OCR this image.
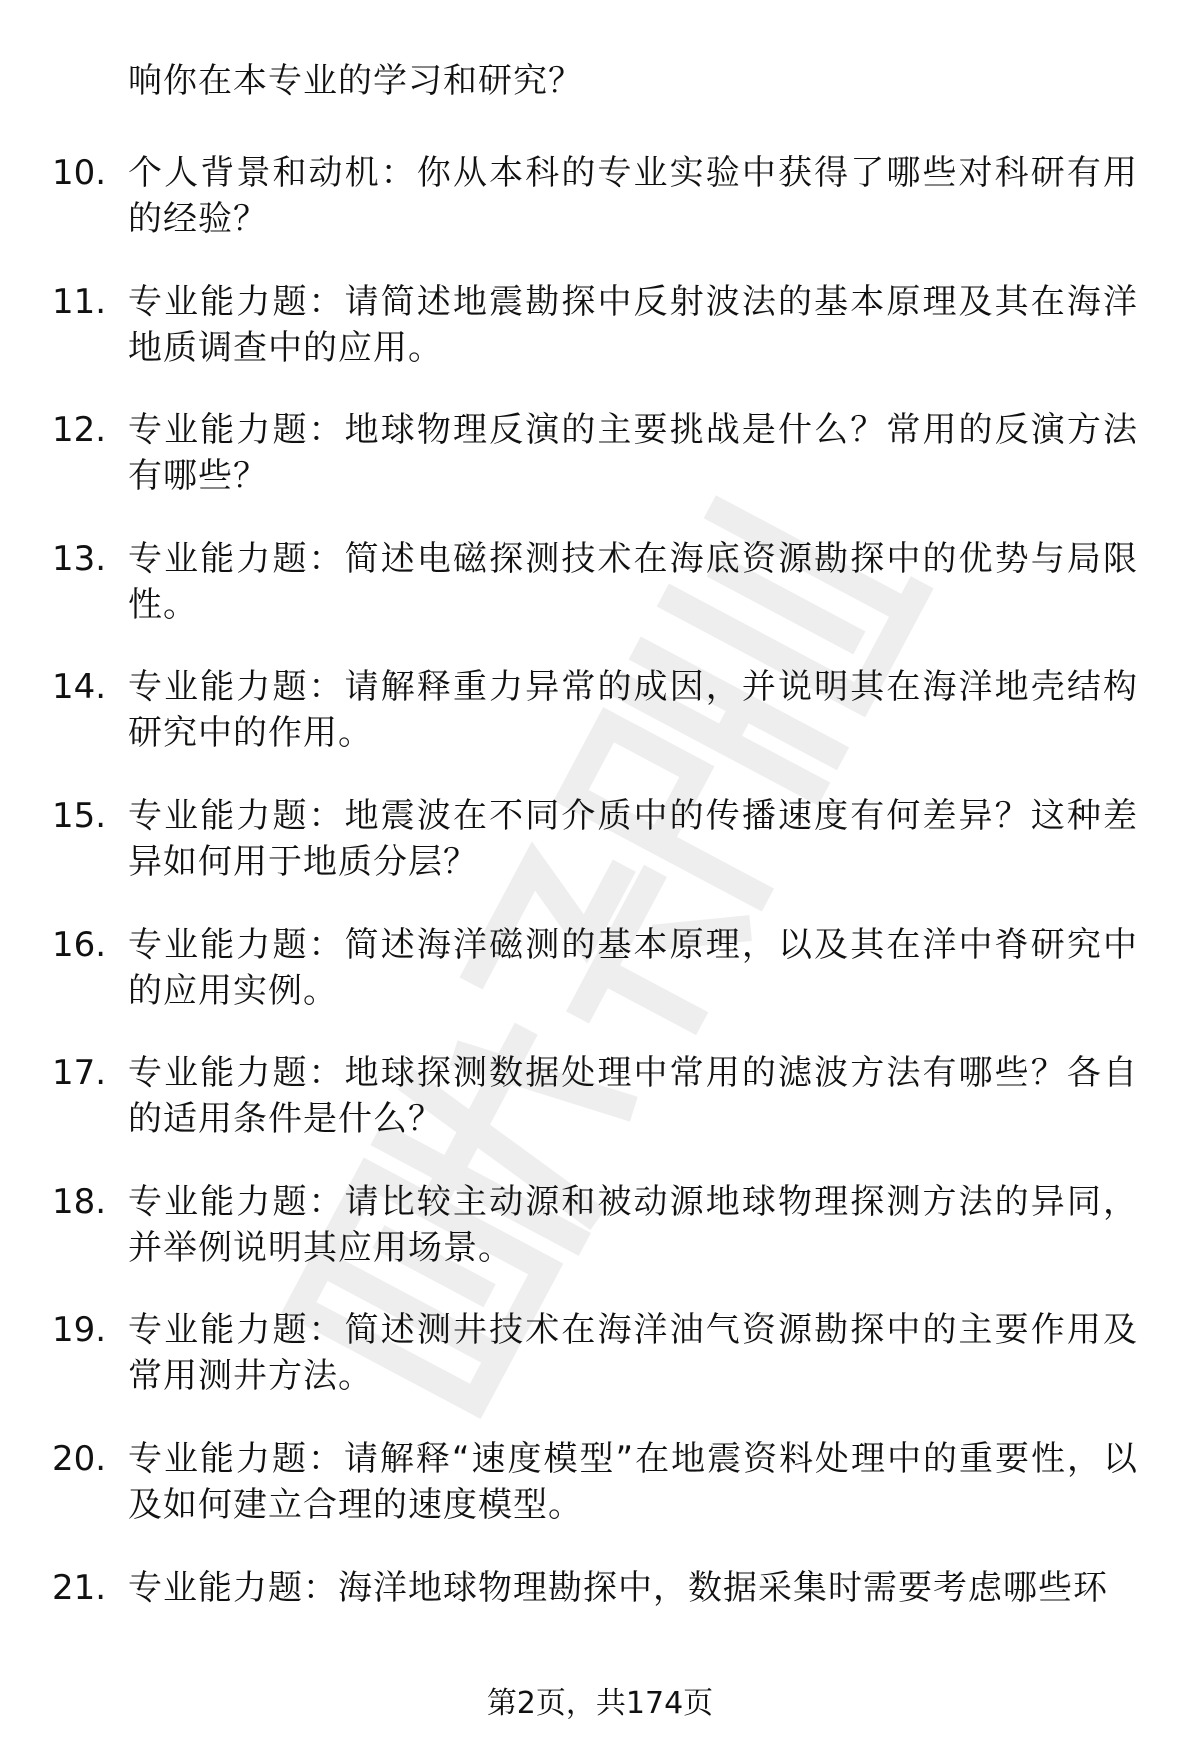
响你在本专业的学习和研究？
10. 个人背景和动机：你从本科的专业实验中获得了哪些对科研有用的经验？
11. 专业能力题：请简述地震勘探中反射波法的基本原理及其在海洋地质调查中的应用。
12. 专业能力题：地球物理反演的主要挑战是什么？常用的反演方法有哪些？
13. 专业能力题：简述电磁探测技术在海底资源勘探中的优势与局限性。
14. 专业能力题：请解释重力异常的成因，并说明其在海洋地壳结构研究中的作用。
15. 专业能力题：地震波在不同介质中的传播速度有何差异？这种差异如何用于地质分层？
16. 专业能力题：简述海洋磁测的基本原理，以及其在洋中脊研究中的应用实例。
17. 专业能力题：地球探测数据处理中常用的滤波方法有哪些？各自的适用条件是什么？
18. 专业能力题：请比较主动源和被动源地球物理探测方法的异同，并举例说明其应用场景。
19. 专业能力题：简述测井技术在海洋油气资源勘探中的主要作用及常用测井方法。
20. 专业能力题：请解释“速度模型”在地震资料处理中的重要性，以及如何建立合理的速度模型。
21. 专业能力题：海洋地球物理勘探中，数据采集时需要考虑哪些环
第2页，共174页
